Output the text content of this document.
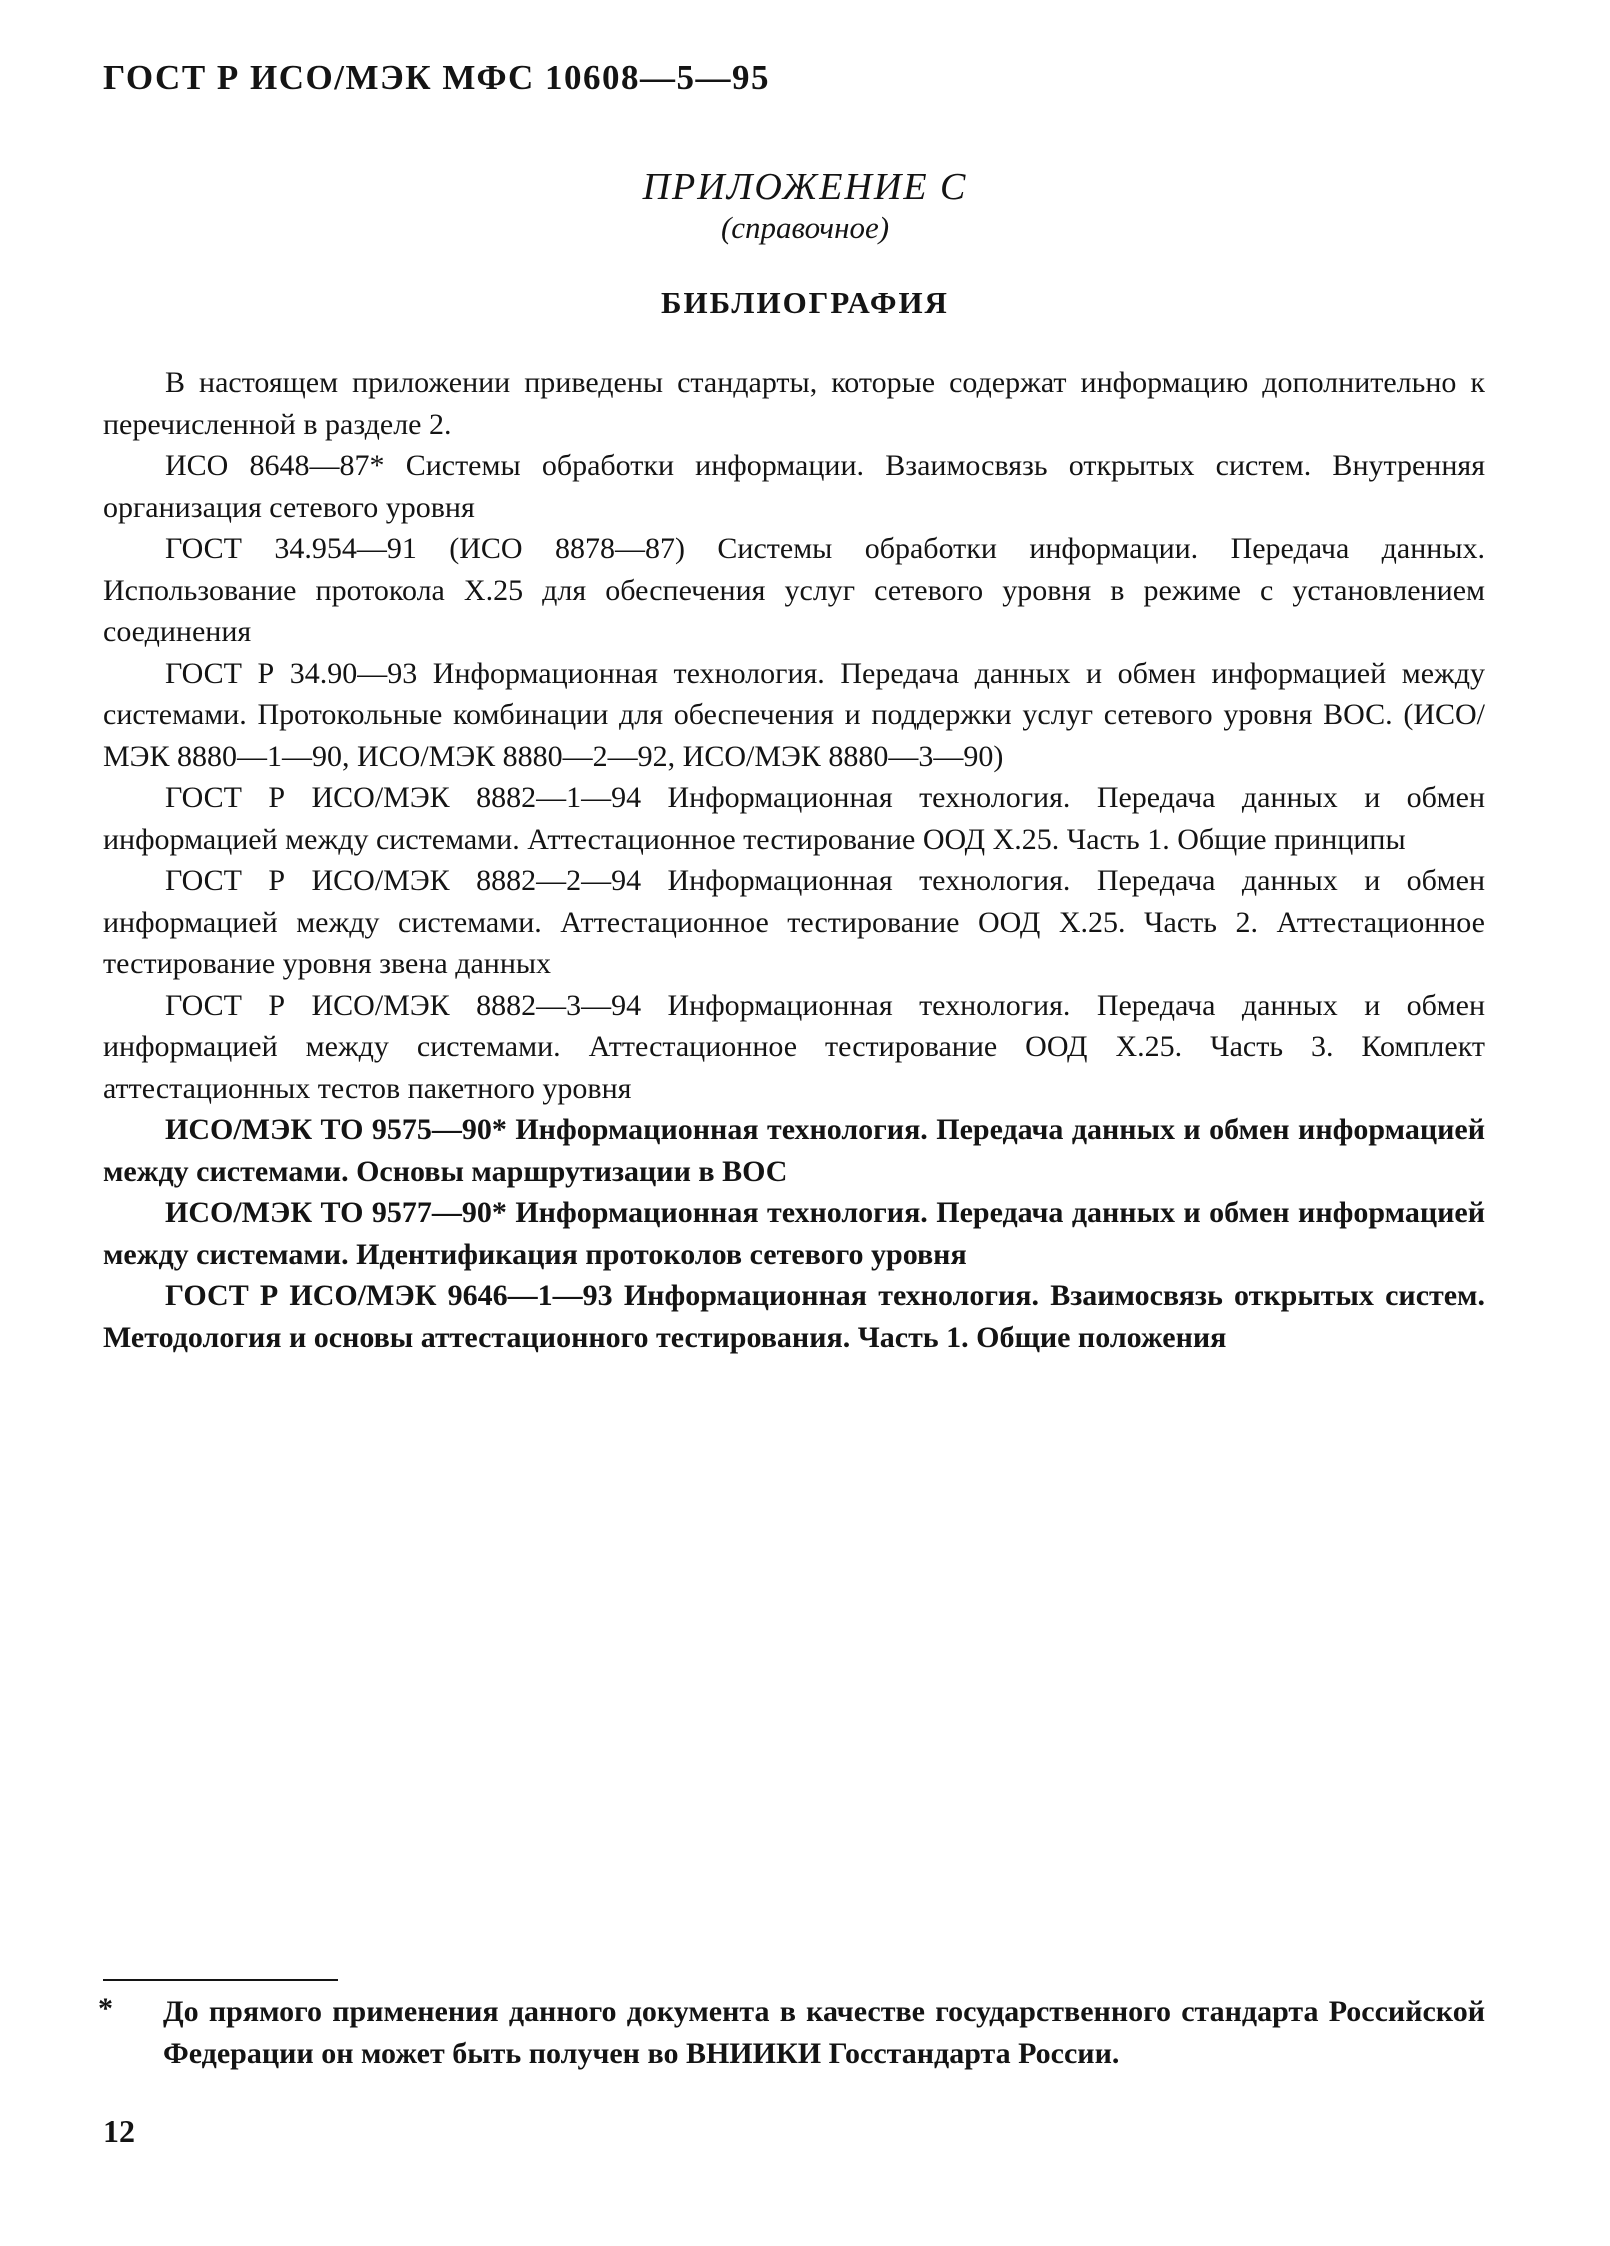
ГОСТ Р ИСО/МЭК МФС 10608—5—95
ПРИЛОЖЕНИЕ С
(справочное)
БИБЛИОГРАФИЯ

В настоящем приложении приведены стандарты, которые содержат информацию дополнительно к перечисленной в разделе 2.

ИСО 8648—87* Системы обработки информации. Взаимосвязь открытых систем. Внутренняя организация сетевого уровня

ГОСТ 34.954—91 (ИСО 8878—87) Системы обработки информации. Передача данных. Использование протокола Х.25 для обеспечения услуг сетевого уровня в режиме с установлением соединения

ГОСТ Р 34.90—93 Информационная технология. Передача данных и обмен информацией между системами. Протокольные комбинации для обеспечения и поддержки услуг сетевого уровня ВОС. (ИСО/МЭК 8880—1—90, ИСО/МЭК 8880—2—92, ИСО/МЭК 8880—3—90)

ГОСТ Р ИСО/МЭК 8882—1—94 Информационная технология. Передача данных и обмен информацией между системами. Аттестационное тестирование ООД Х.25. Часть 1. Общие принципы

ГОСТ Р ИСО/МЭК 8882—2—94 Информационная технология. Передача данных и обмен информацией между системами. Аттестационное тестирование ООД Х.25. Часть 2. Аттестационное тестирование уровня звена данных

ГОСТ Р ИСО/МЭК 8882—3—94 Информационная технология. Передача данных и обмен информацией между системами. Аттестационное тестирование ООД Х.25. Часть 3. Комплект аттестационных тестов пакетного уровня

ИСО/МЭК ТО 9575—90* Информационная технология. Передача данных и обмен информацией между системами. Основы маршрутизации в ВОС

ИСО/МЭК ТО 9577—90* Информационная технология. Передача данных и обмен информацией между системами. Идентификация протоколов сетевого уровня

ГОСТ Р ИСО/МЭК 9646—1—93 Информационная технология. Взаимосвязь открытых систем. Методология и основы аттестационного тестирования. Часть 1. Общие положения

* До прямого применения данного документа в качестве государственного стандарта Российской Федерации он может быть получен во ВНИИКИ Госстандарта России.
12
